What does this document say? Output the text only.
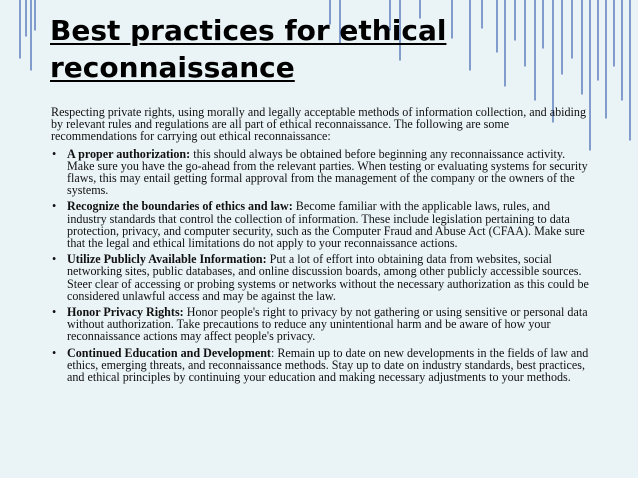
Best practices for ethical reconnaissance

Respecting private rights, using morally and legally acceptable methods of information collection, and abiding by relevant rules and regulations are all part of ethical reconnaissance. The following are some recommendations for carrying out ethical reconnaissance:

• A proper authorization: this should always be obtained before beginning any reconnaissance activity. Make sure you have the go-ahead from the relevant parties. When testing or evaluating systems for security flaws, this may entail getting formal approval from the management of the company or the owners of the systems.
• Recognize the boundaries of ethics and law: Become familiar with the applicable laws, rules, and industry standards that control the collection of information. These include legislation pertaining to data protection, privacy, and computer security, such as the Computer Fraud and Abuse Act (CFAA). Make sure that the legal and ethical limitations do not apply to your reconnaissance actions.
• Utilize Publicly Available Information: Put a lot of effort into obtaining data from websites, social networking sites, public databases, and online discussion boards, among other publicly accessible sources. Steer clear of accessing or probing systems or networks without the necessary authorization as this could be considered unlawful access and may be against the law.
• Honor Privacy Rights: Honor people's right to privacy by not gathering or using sensitive or personal data without authorization. Take precautions to reduce any unintentional harm and be aware of how your reconnaissance actions may affect people's privacy.
• Continued Education and Development: Remain up to date on new developments in the fields of law and ethics, emerging threats, and reconnaissance methods. Stay up to date on industry standards, best practices, and ethical principles by continuing your education and making necessary adjustments to your methods.
